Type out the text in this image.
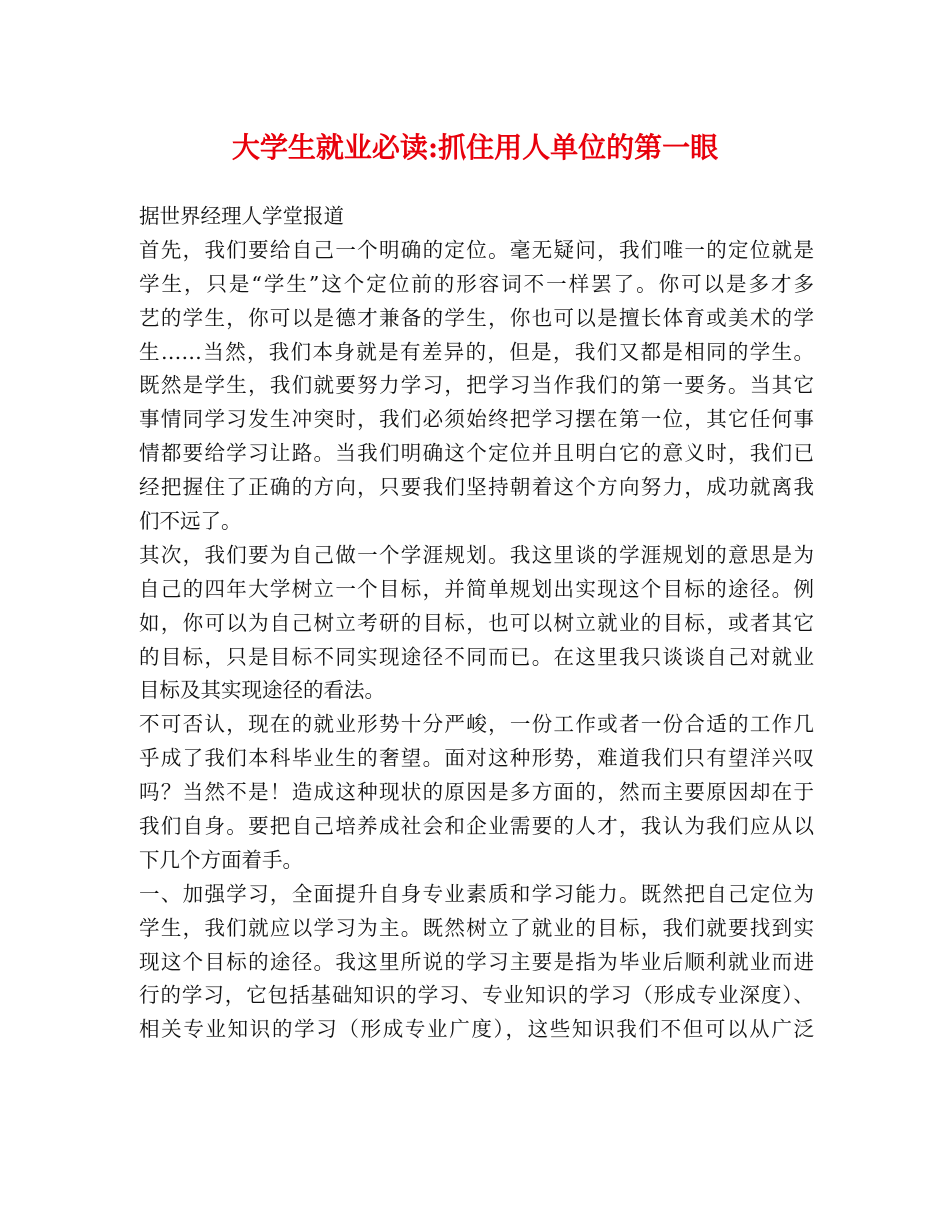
大学生就业必读:抓住用人单位的第一眼
据世界经理人学堂报道
首先，我们要给自己一个明确的定位。毫无疑问，我们唯一的定位就是
学生，只是“学生”这个定位前的形容词不一样罢了。你可以是多才多
艺的学生，你可以是德才兼备的学生，你也可以是擅长体育或美术的学
生……当然，我们本身就是有差异的，但是，我们又都是相同的学生。
既然是学生，我们就要努力学习，把学习当作我们的第一要务。当其它
事情同学习发生冲突时，我们必须始终把学习摆在第一位，其它任何事
情都要给学习让路。当我们明确这个定位并且明白它的意义时，我们已
经把握住了正确的方向，只要我们坚持朝着这个方向努力，成功就离我
们不远了。
其次，我们要为自己做一个学涯规划。我这里谈的学涯规划的意思是为
自己的四年大学树立一个目标，并简单规划出实现这个目标的途径。例
如，你可以为自己树立考研的目标，也可以树立就业的目标，或者其它
的目标，只是目标不同实现途径不同而已。在这里我只谈谈自己对就业
目标及其实现途径的看法。
不可否认，现在的就业形势十分严峻，一份工作或者一份合适的工作几
乎成了我们本科毕业生的奢望。面对这种形势，难道我们只有望洋兴叹
吗？当然不是！造成这种现状的原因是多方面的，然而主要原因却在于
我们自身。要把自己培养成社会和企业需要的人才，我认为我们应从以
下几个方面着手。
一、加强学习，全面提升自身专业素质和学习能力。既然把自己定位为
学生，我们就应以学习为主。既然树立了就业的目标，我们就要找到实
现这个目标的途径。我这里所说的学习主要是指为毕业后顺利就业而进
行的学习，它包括基础知识的学习、专业知识的学习（形成专业深度）、
相关专业知识的学习（形成专业广度），这些知识我们不但可以从广泛
